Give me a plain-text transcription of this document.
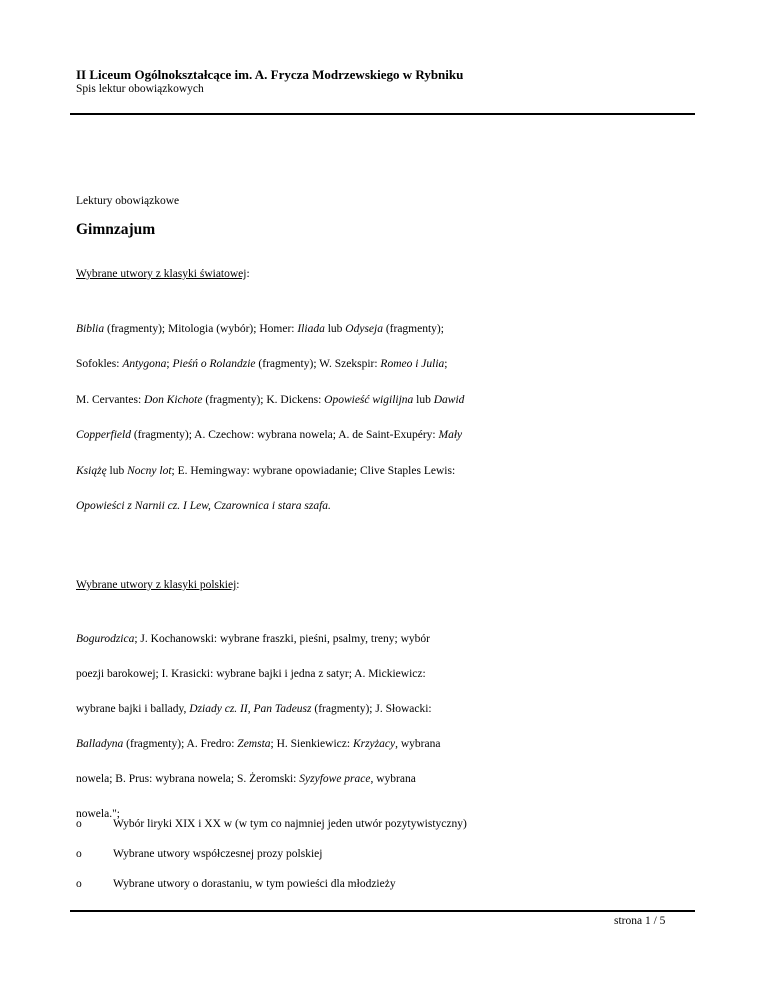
II Liceum Ogólnokształcące im. A. Frycza Modrzewskiego w Rybniku
Spis lektur obowiązkowych
Lektury obowiązkowe
Gimnzajum
Wybrane utwory z klasyki światowej:
Biblia (fragmenty); Mitologia (wybór); Homer: Iliada lub Odyseja (fragmenty);
Sofokles: Antygona; Pieśń o Rolandzie (fragmenty); W. Szekspir: Romeo i Julia;
M. Cervantes: Don Kichote (fragmenty); K. Dickens: Opowieść wigilijna lub Dawid
Copperfield (fragmenty); A. Czechow: wybrana nowela; A. de Saint-Exupéry: Mały
Książę lub Nocny lot; E. Hemingway: wybrane opowiadanie; Clive Staples Lewis:
Opowieści z Narnii cz. I Lew, Czarownica i stara szafa.
Wybrane utwory z klasyki polskiej:
Bogurodzica; J. Kochanowski: wybrane fraszki, pieśni, psalmy, treny; wybór
poezji barokowej; I. Krasicki: wybrane bajki i jedna z satyr; A. Mickiewicz:
wybrane bajki i ballady, Dziady cz. II, Pan Tadeusz (fragmenty); J. Słowacki:
Balladyna (fragmenty); A. Fredro: Zemsta; H. Sienkiewicz: Krzyżacy, wybrana
nowela; B. Prus: wybrana nowela; S. Żeromski: Syzyfowe prace, wybrana
nowela.";
o	Wybór liryki XIX i XX w (w tym co najmniej jeden utwór pozytywistyczny)
o	Wybrane utwory współczesnej prozy polskiej
o	Wybrane utwory o dorastaniu, w tym powieści dla młodzieży
strona 1 / 5
